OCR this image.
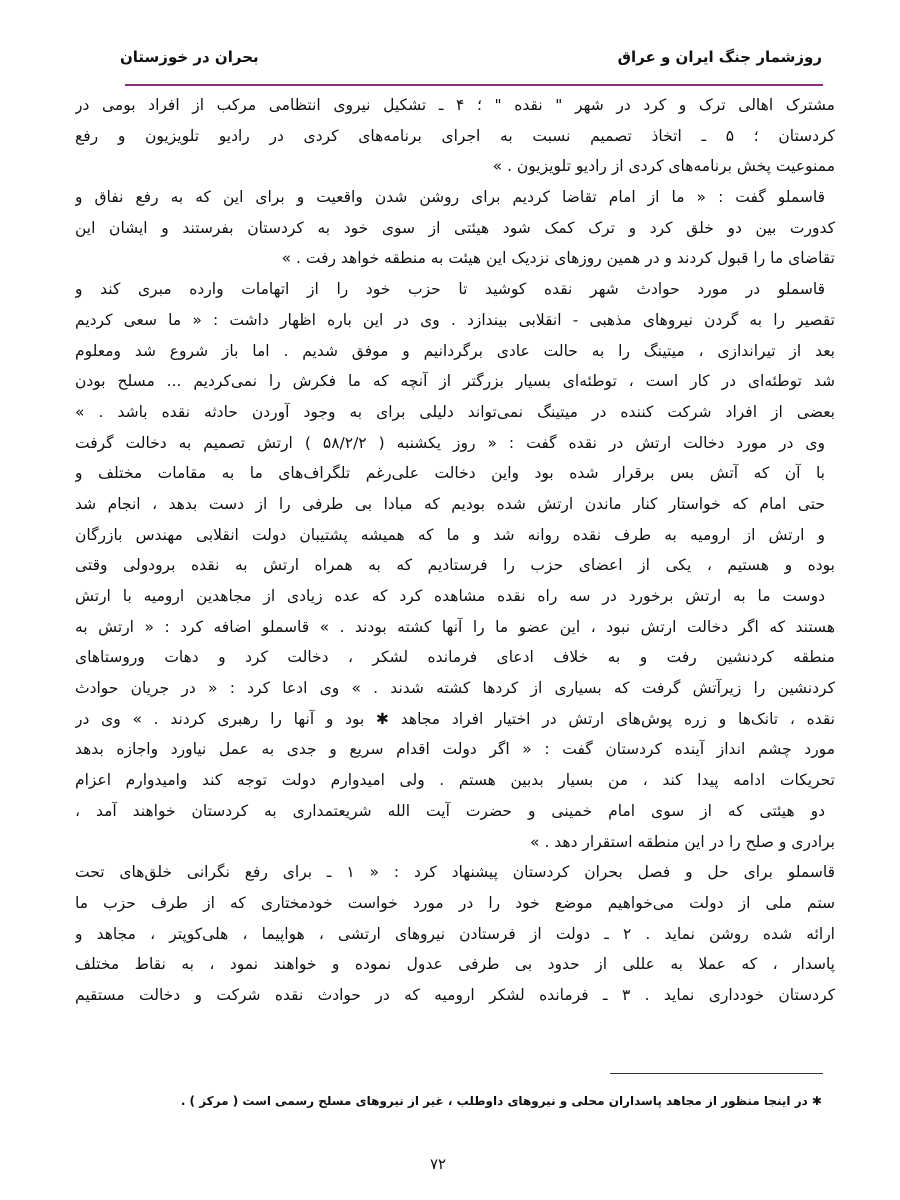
روزشمار جنگ ایران و عراق
بحران در خوزستان
مشترک اهالی ترک و کرد در شهر " نقده " ؛ ۴ ـ تشکیل نیروی انتظامی مرکب از افراد بومی در
کردستان ؛ ۵ ـ اتخاذ تصمیم نسبت به اجرای برنامه‌های کردی در رادیو تلویزیون و رفع
ممنوعیت پخش برنامه‌های کردی از رادیو تلویزیون . »
قاسملو گفت : « ما از امام تقاضا کردیم برای روشن شدن واقعیت و برای این که به رفع نفاق و
کدورت بین دو خلق کرد و ترک کمک شود هیئتی از سوی خود به کردستان بفرستند و ایشان این
تقاضای ما را قبول کردند و در همین روزهای نزدیک این هیئت به منطقه خواهد رفت . »
قاسملو در مورد حوادث شهر نقده کوشید تا حزب خود را از اتهامات وارده مبری کند و
تقصیر را به گردن نیروهای مذهبی - انقلابی بیندازد . وی در این باره اظهار داشت : « ما سعی کردیم
بعد از تیراندازی ، میتینگ را به حالت عادی برگردانیم و موفق شدیم . اما باز شروع شد ومعلوم
شد توطئه‌ای در کار است ، توطئه‌ای بسیار بزرگتر از آنچه که ما فکرش را نمی‌کردیم ... مسلح بودن
بعضی از افراد شرکت کننده در میتینگ نمی‌تواند دلیلی برای به وجود آوردن حادثه نقده باشد . »
وی در مورد دخالت ارتش در نقده گفت : « روز یکشنبه ( ۵۸/۲/۲ ) ارتش تصمیم به دخالت گرفت
با آن که آتش بس برقرار شده بود واین دخالت علی‌رغم تلگراف‌های ما به مقامات مختلف و
حتی امام که خواستار کنار ماندن ارتش شده بودیم که مبادا بی طرفی را از دست بدهد ، انجام شد
و ارتش از ارومیه به طرف نقده روانه شد و ما که همیشه پشتیبان دولت انقلابی مهندس بازرگان
بوده و هستیم ، یکی از اعضای حزب را فرستادیم که به همراه ارتش به نقده برودولی وقتی
دوست ما به ارتش برخورد در سه راه نقده مشاهده کرد که عده زیادی از مجاهدین ارومیه با ارتش
هستند که اگر دخالت ارتش نبود ، این عضو ما را آنها کشته بودند . » قاسملو اضافه کرد : « ارتش به
منطقه کردنشین رفت و به خلاف ادعای فرمانده لشکر ، دخالت کرد و دهات وروستاهای
کردنشین را زیرآتش گرفت که بسیاری از کردها کشته شدند . » وی ادعا کرد : « در جریان حوادث
نقده ، تانک‌ها و زره پوش‌های ارتش در اختیار افراد مجاهد ✱ بود و آنها را رهبری کردند . » وی در
مورد چشم انداز آینده کردستان گفت : « اگر دولت اقدام سریع و جدی به عمل نیاورد واجازه بدهد
تحریکات ادامه پیدا کند ، من بسیار بدبین هستم . ولی امیدوارم دولت توجه کند وامیدوارم اعزام
دو هیئتی که از سوی امام خمینی و حضرت آیت الله شریعتمداری به کردستان خواهند آمد ،
برادری و صلح را در این منطقه استقرار دهد . »
قاسملو برای حل و فصل بحران کردستان پیشنهاد کرد : « ۱ ـ برای رفع نگرانی خلق‌های تحت
ستم ملی از دولت می‌خواهیم موضع خود را در مورد خواست خودمختاری که از طرف حزب ما
ارائه شده روشن نماید . ۲ ـ دولت از فرستادن نیروهای ارتشی ، هواپیما ، هلی‌کوپتر ، مجاهد و
پاسدار ، که عملا به عللی از حدود بی طرفی عدول نموده و خواهند نمود ، به نقاط مختلف
کردستان خودداری نماید . ۳ ـ فرمانده لشکر ارومیه که در حوادث نقده شرکت و دخالت مستقیم
✱ در اینجا منظور از مجاهد پاسداران محلی و نیروهای داوطلب ، غیر از نیروهای مسلح رسمی است ( مرکز ) .
۷۲
